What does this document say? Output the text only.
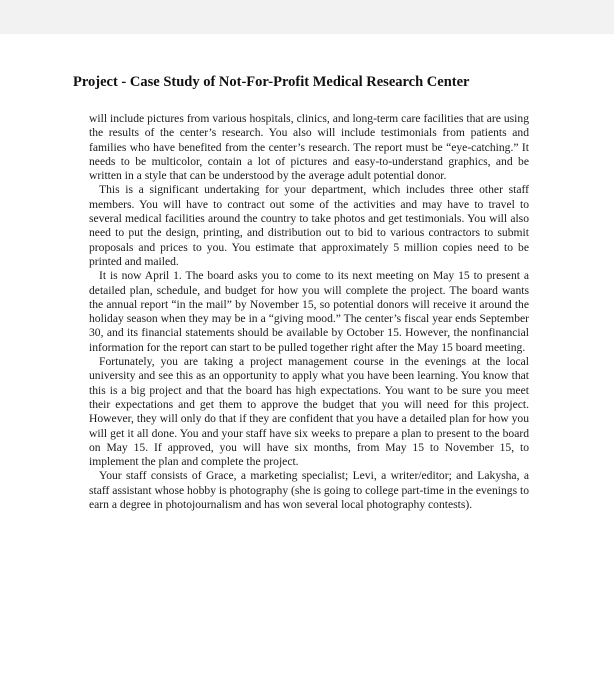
Project - Case Study of Not-For-Profit Medical Research Center

will include pictures from various hospitals, clinics, and long-term care facilities that are using the results of the center’s research. You also will include testimonials from patients and families who have benefited from the center’s research. The report must be “eye-catching.” It needs to be multicolor, contain a lot of pictures and easy-to-understand graphics, and be written in a style that can be understood by the average adult potential donor.

This is a significant undertaking for your department, which includes three other staff members. You will have to contract out some of the activities and may have to travel to several medical facilities around the country to take photos and get testimonials. You will also need to put the design, printing, and distribution out to bid to various contractors to submit proposals and prices to you. You estimate that approximately 5 million copies need to be printed and mailed.

It is now April 1. The board asks you to come to its next meeting on May 15 to present a detailed plan, schedule, and budget for how you will complete the project. The board wants the annual report “in the mail” by November 15, so potential donors will receive it around the holiday season when they may be in a “giving mood.” The center’s fiscal year ends September 30, and its financial statements should be available by October 15. However, the nonfinancial information for the report can start to be pulled together right after the May 15 board meeting.

Fortunately, you are taking a project management course in the evenings at the local university and see this as an opportunity to apply what you have been learning. You know that this is a big project and that the board has high expectations. You want to be sure you meet their expectations and get them to approve the budget that you will need for this project. However, they will only do that if they are confident that you have a detailed plan for how you will get it all done. You and your staff have six weeks to prepare a plan to present to the board on May 15. If approved, you will have six months, from May 15 to November 15, to implement the plan and complete the project.

Your staff consists of Grace, a marketing specialist; Levi, a writer/editor; and Lakysha, a staff assistant whose hobby is photography (she is going to college part-time in the evenings to earn a degree in photojournalism and has won several local photography contests).
